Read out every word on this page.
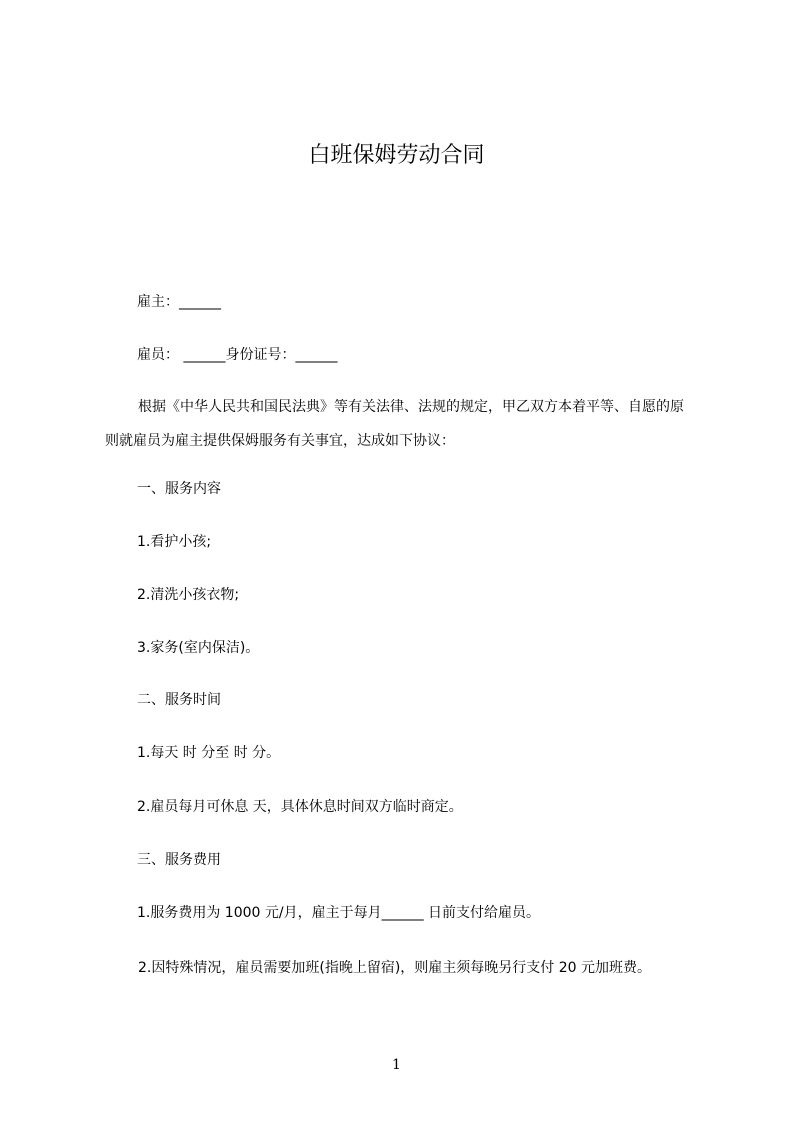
白班保姆劳动合同
雇主：______
雇员： ______身份证号：______
根据《中华人民共和国民法典》等有关法律、法规的规定，甲乙双方本着平等、自愿的原则就雇员为雇主提供保姆服务有关事宜，达成如下协议：
一、服务内容
1.看护小孩;
2.清洗小孩衣物;
3.家务(室内保洁)。
二、服务时间
1.每天 时 分至 时 分。
2.雇员每月可休息 天，具体休息时间双方临时商定。
三、服务费用
1.服务费用为 1000 元/月，雇主于每月______ 日前支付给雇员。
2.因特殊情况，雇员需要加班(指晚上留宿)，则雇主须每晚另行支付 20 元加班费。
1
